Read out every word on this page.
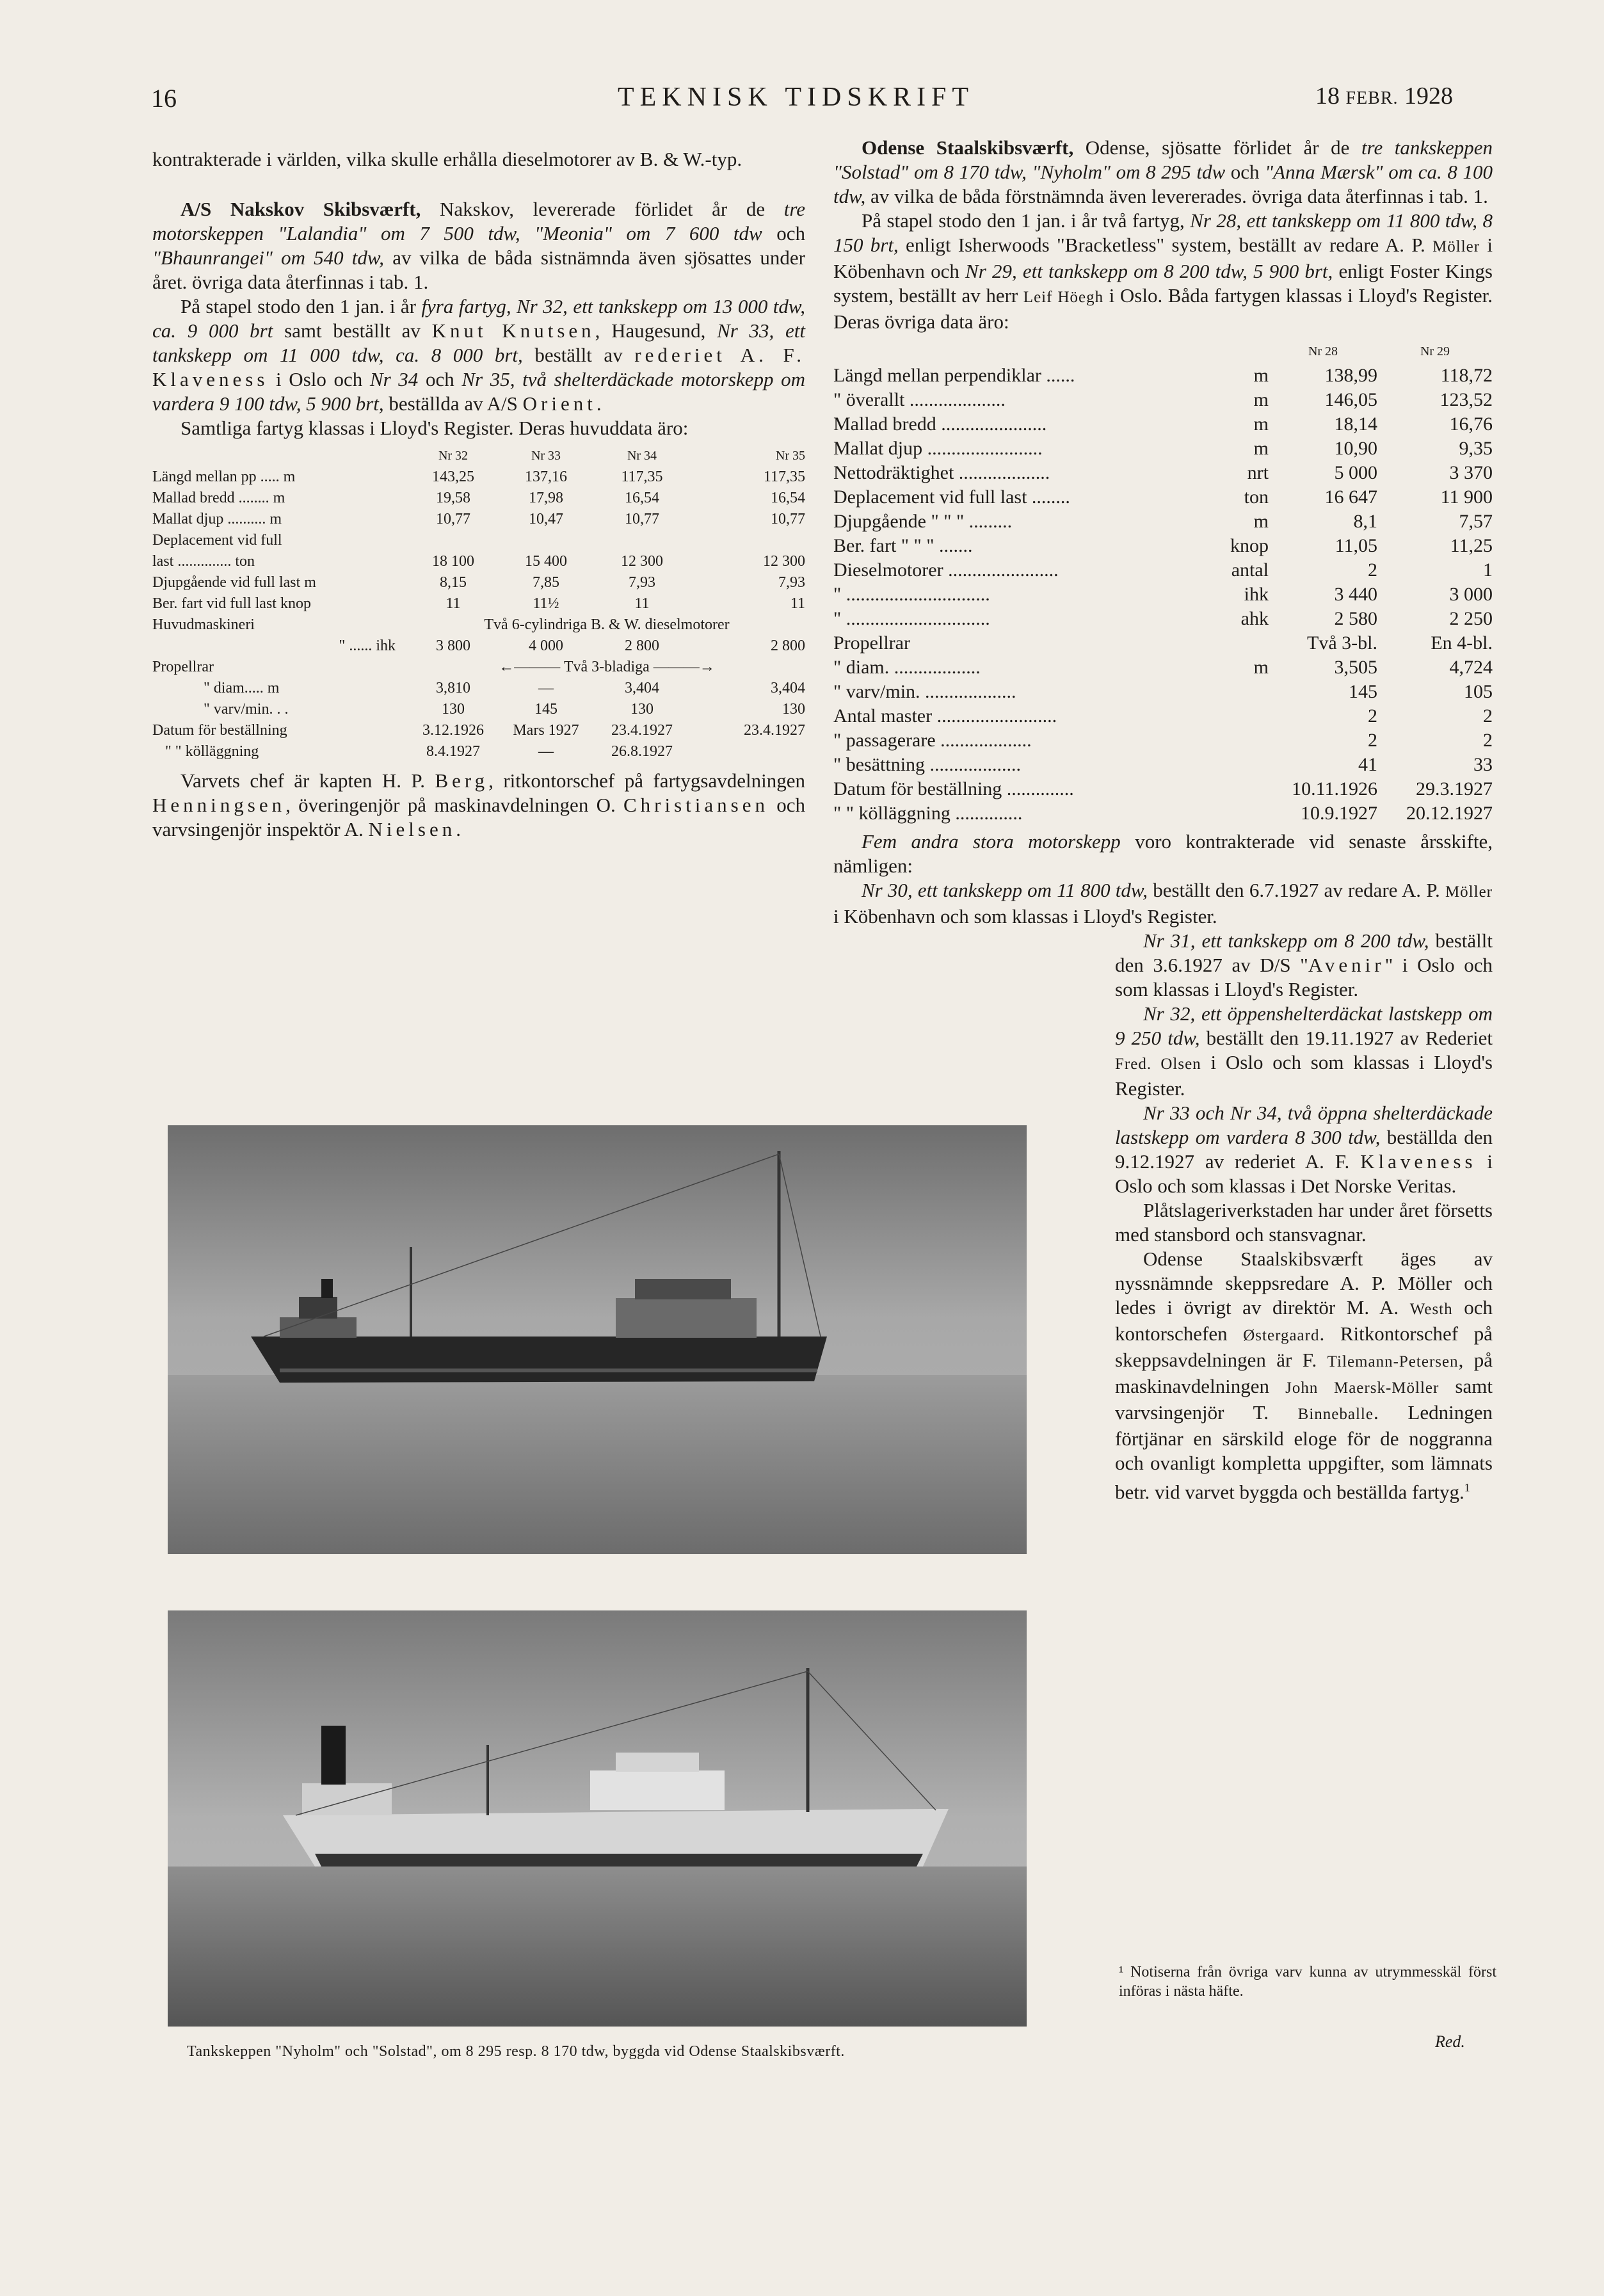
16	TEKNISK TIDSKRIFT	18 FEBR. 1928

kontrakterade i världen, vilka skulle erhålla dieselmotorer av B. & W.-typ.

A/S Nakskov Skibsværft, Nakskov, levererade förlidet år de tre motorskeppen "Lalandia" om 7 500 tdw, "Meonia" om 7 600 tdw och "Bhaunrangei" om 540 tdw, av vilka de båda sistnämnda även sjösattes under året. övriga data återfinnas i tab. 1.

På stapel stodo den 1 jan. i år fyra fartyg, Nr 32, ett tankskepp om 13 000 tdw, ca. 9 000 brt samt beställt av Knut Knutsen, Haugesund, Nr 33, ett tankskepp om 11 000 tdw, ca. 8 000 brt, beställt av rederiet A. F. Klaveness i Oslo och Nr 34 och Nr 35, två shelterdäckade motorskepp om vardera 9 100 tdw, 5 900 brt, beställda av A/S Orient.

Samtliga fartyg klassas i Lloyd's Register. Deras huvuddata äro:

	Nr 32	Nr 33	Nr 34	Nr 35
Längd mellan pp ..... m	143,25	137,16	117,35	117,35
Mallad bredd ........ m	19,58	17,98	16,54	16,54
Mallat djup .......... m	10,77	10,47	10,77	10,77
Deplacement vid full				
last .............. ton	18 100	15 400	12 300	12 300
Djupgående vid full last m	8,15	7,85	7,93	7,93
Ber. fart vid full last knop	11	11½	11	11
Huvudmaskineri	Två 6-cylindriga B. & W. dieselmotorer			
" ...... ihk	3 800	4 000	2 800	2 800
Propellrar	←——— Två 3-bladiga ———→			
" diam..... m	3,810	—	3,404	3,404
" varv/min. . .	130	145	130	130
Datum för beställning	3.12.1926	Mars 1927	23.4.1927	23.4.1927
" " kölläggning	8.4.1927	—	26.8.1927	

Varvets chef är kapten H. P. Berg, ritkontorschef på fartygsavdelningen Henningsen, överingenjör på maskinavdelningen O. Christiansen och varvsingenjör inspektör A. Nielsen.

Odense Staalskibsværft, Odense, sjösatte förlidet år de tre tankskeppen "Solstad" om 8 170 tdw, "Nyholm" om 8 295 tdw och "Anna Mærsk" om ca. 8 100 tdw, av vilka de båda förstnämnda även levererades. övriga data återfinnas i tab. 1.

På stapel stodo den 1 jan. i år två fartyg, Nr 28, ett tankskepp om 11 800 tdw, 8 150 brt, enligt Isherwoods "Bracketless" system, beställt av redare A. P. Möller i Köbenhavn och Nr 29, ett tankskepp om 8 200 tdw, 5 900 brt, enligt Foster Kings system, beställt av herr Leif Höegh i Oslo. Båda fartygen klassas i Lloyd's Register. Deras övriga data äro:

		Nr 28	Nr 29
Längd mellan perpendiklar ......	m	138,99	118,72
" överallt ....................	m	146,05	123,52
Mallad bredd ......................	m	18,14	16,76
Mallat djup ........................	m	10,90	9,35
Nettodräktighet ...................	nrt	5 000	3 370
Deplacement vid full last ........	ton	16 647	11 900
Djupgående " " " .........	m	8,1	7,57
Ber. fart " " " .......	knop	11,05	11,25
Dieselmotorer .......................	antal	2	1
" ..............................	ihk	3 440	3 000
" ..............................	ahk	2 580	2 250
Propellrar		Två 3-bl.	En 4-bl.
" diam. ..................	m	3,505	4,724
" varv/min. ...................		145	105
Antal master .........................		2	2
" passagerare ...................		2	2
" besättning ...................		41	33
Datum för beställning ..............		10.11.1926	29.3.1927
" " kölläggning ..............		10.9.1927	20.12.1927

Fem andra stora motorskepp voro kontrakterade vid senaste årsskifte, nämligen:

Nr 30, ett tankskepp om 11 800 tdw, beställt den 6.7.1927 av redare A. P. Möller i Köbenhavn och som klassas i Lloyd's Register.

Nr 31, ett tankskepp om 8 200 tdw, beställt den 3.6.1927 av D/S "Avenir" i Oslo och som klassas i Lloyd's Register.

Nr 32, ett öppenshelterdäckat lastskepp om 9 250 tdw, beställt den 19.11.1927 av Rederiet Fred. Olsen i Oslo och som klassas i Lloyd's Register.

Nr 33 och Nr 34, två öppna shelterdäckade lastskepp om vardera 8 300 tdw, beställda den 9.12.1927 av rederiet A. F. Klaveness i Oslo och som klassas i Det Norske Veritas.

Plåtslageriverkstaden har under året försetts med stansbord och stansvagnar.

Odense Staalskibsværft äges av nyssnämnde skeppsredare A. P. Möller och ledes i övrigt av direktör M. A. Westh och kontorschefen Østergaard. Ritkontorschef på skeppsavdelningen är F. Tilemann-Petersen, på maskinavdelningen John Maersk-Möller samt varvsingenjör T. Binneballe. Ledningen förtjänar en särskild eloge för de noggranna och ovanligt kompletta uppgifter, som lämnats betr. vid varvet byggda och beställda fartyg.$^1$

Tankskeppen "Nyholm" och "Solstad", om 8 295 resp. 8 170 tdw, byggda vid Odense Staalskibsværft.
¹ Notiserna från övriga varv kunna av utrymmesskäl först införas i nästa häfte.
Red.
